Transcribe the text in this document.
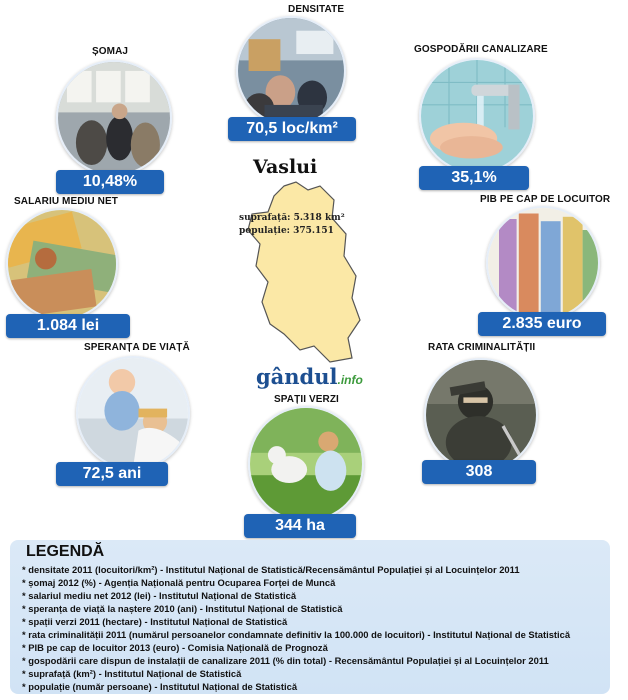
DENSITATE
70,5 loc/km²
ȘOMAJ
10,48%
GOSPODĂRII CANALIZARE
35,1%
SALARIU MEDIU NET
1.084 lei
PIB PE CAP DE LOCUITOR
2.835 euro
Vaslui
suprafață: 5.318 km²
populație: 375.151
SPERANȚA DE VIAȚĂ
72,5 ani
RATA CRIMINALITĂȚII
308
gândul.info
SPAȚII VERZI
344 ha
LEGENDĂ
* densitate 2011 (locuitori/km²) - Institutul Național de Statistică/Recensământul Populației și al Locuințelor 2011
* șomaj 2012 (%) - Agenția Națională pentru Ocuparea Forței de Muncă
* salariul mediu net 2012 (lei) - Institutul Național de Statistică
* speranța de viață la naștere 2010 (ani) - Institutul Național de Statistică
* spații verzi 2011 (hectare) - Institutul Național de Statistică
* rata criminalității 2011 (numărul persoanelor condamnate definitiv la 100.000 de locuitori) - Institutul Național de Statistică
* PIB pe cap de locuitor 2013 (euro) - Comisia Națională de Prognoză
* gospodării care dispun de instalații de canalizare 2011 (% din total) - Recensământul Populației și al Locuințelor 2011
* suprafață (km²) - Institutul Național de Statistică
* populație (număr persoane) - Institutul Național de Statistică
